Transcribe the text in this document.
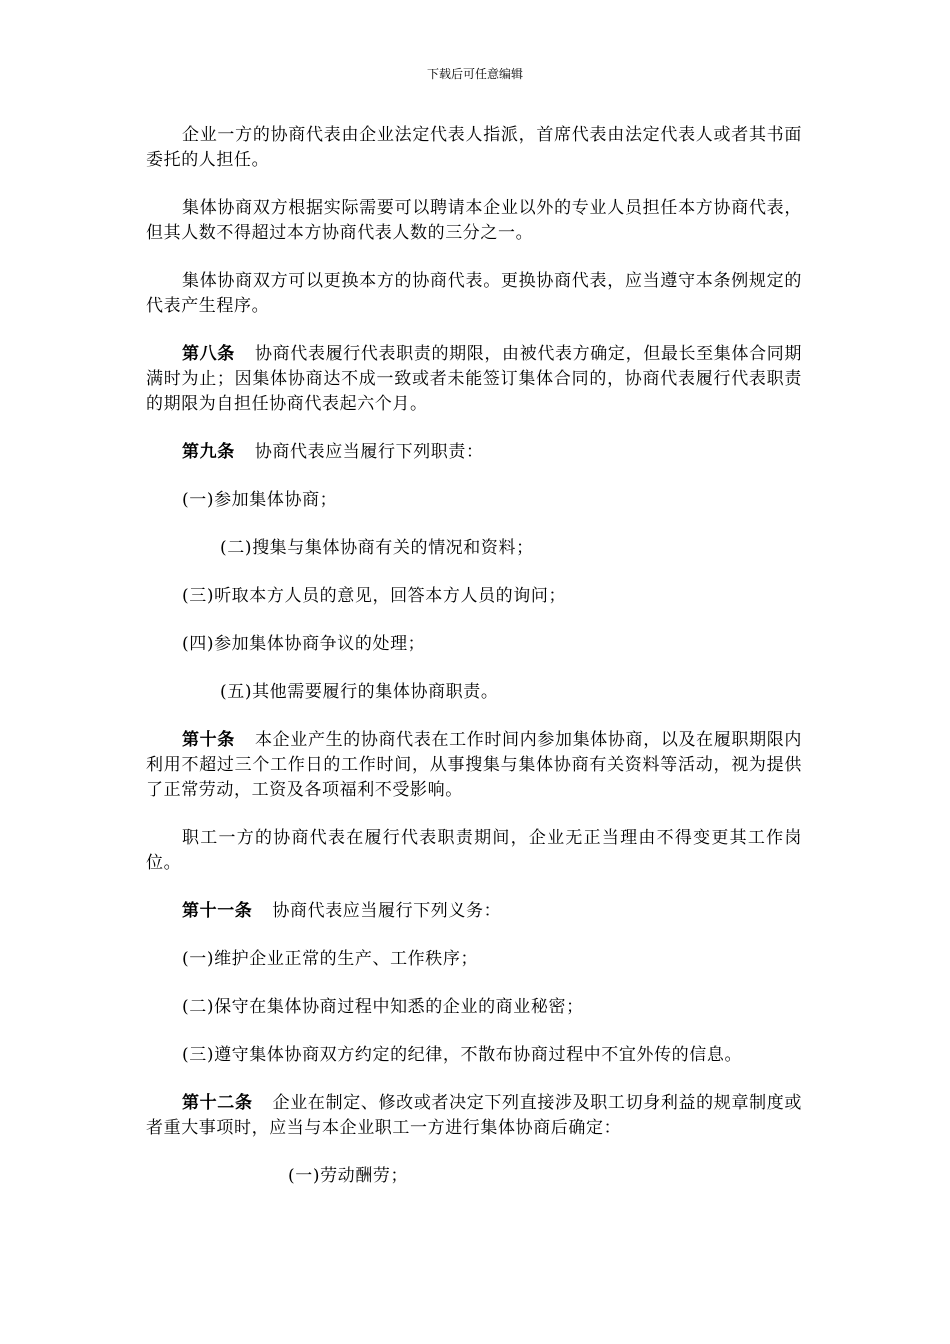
下载后可任意编辑

企业一方的协商代表由企业法定代表人指派，首席代表由法定代表人或者其书面委托的人担任。

集体协商双方根据实际需要可以聘请本企业以外的专业人员担任本方协商代表，但其人数不得超过本方协商代表人数的三分之一。

集体协商双方可以更换本方的协商代表。更换协商代表，应当遵守本条例规定的代表产生程序。

第八条 协商代表履行代表职责的期限，由被代表方确定，但最长至集体合同期满时为止；因集体协商达不成一致或者未能签订集体合同的，协商代表履行代表职责的期限为自担任协商代表起六个月。

第九条 协商代表应当履行下列职责：

(一)参加集体协商；

(二)搜集与集体协商有关的情况和资料；

(三)听取本方人员的意见，回答本方人员的询问；

(四)参加集体协商争议的处理；

(五)其他需要履行的集体协商职责。

第十条 本企业产生的协商代表在工作时间内参加集体协商，以及在履职期限内利用不超过三个工作日的工作时间，从事搜集与集体协商有关资料等活动，视为提供了正常劳动，工资及各项福利不受影响。

职工一方的协商代表在履行代表职责期间，企业无正当理由不得变更其工作岗位。

第十一条 协商代表应当履行下列义务：

(一)维护企业正常的生产、工作秩序；

(二)保守在集体协商过程中知悉的企业的商业秘密；

(三)遵守集体协商双方约定的纪律，不散布协商过程中不宜外传的信息。

第十二条 企业在制定、修改或者决定下列直接涉及职工切身利益的规章制度或者重大事项时，应当与本企业职工一方进行集体协商后确定：

(一)劳动酬劳；
